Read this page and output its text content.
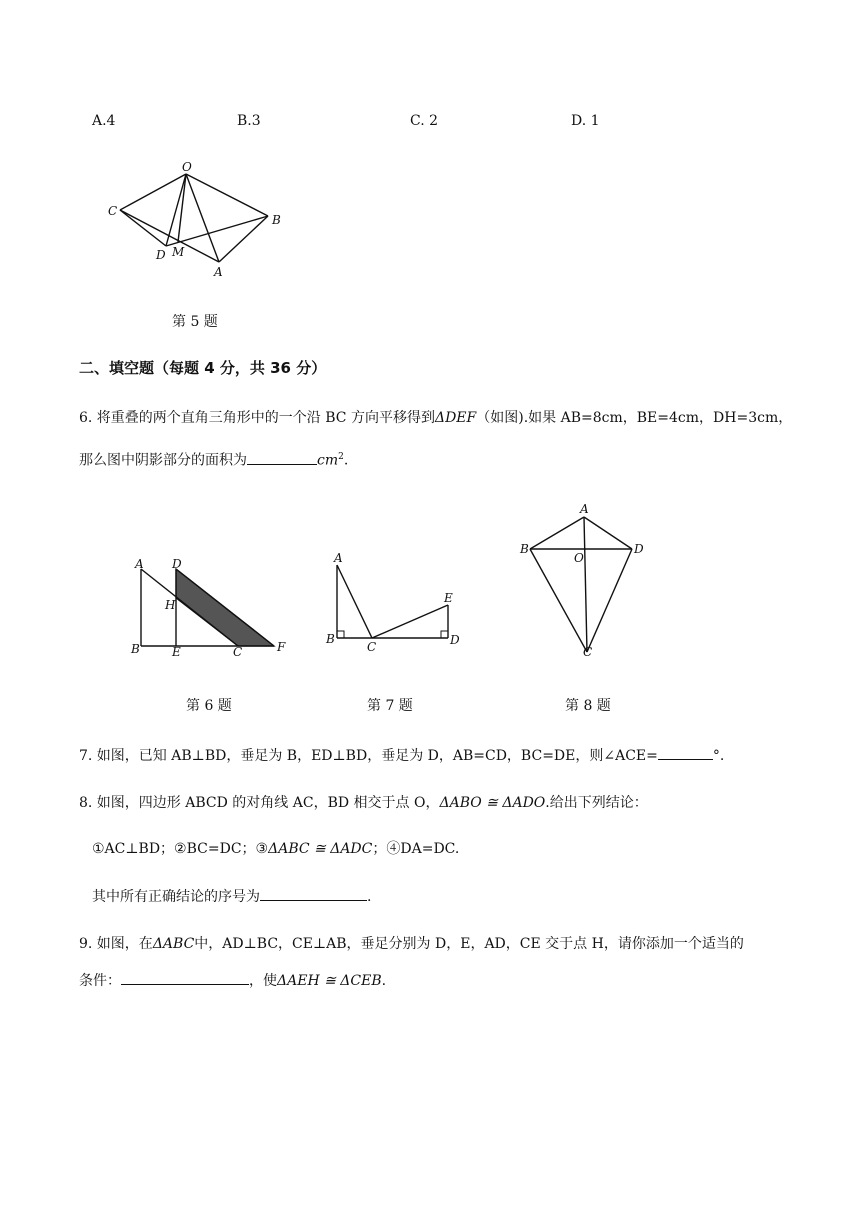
A.4	B.3	C. 2	D. 1
O
C
B
D M
A
第 5 题
二、填空题（每题 4 分，共 36 分）
6. 将重叠的两个直角三角形中的一个沿 BC 方向平移得到ΔDEF（如图).如果 AB=8cm，BE=4cm，DH=3cm，
那么图中阴影部分的面积为	$cm^2$.
A D
H
B	E	C	F
第 6 题
A
E
B
C	D
第 7 题
A
B
O
D
C
第 8 题
7. 如图，已知 AB⊥BD，垂足为 B，ED⊥BD，垂足为 D，AB=CD，BC=DE，则∠ACE=	°.
8. 如图，四边形 ABCD 的对角线 AC，BD 相交于点 O，ΔABO ≅ ΔADO.给出下列结论：
①AC⊥BD；②BC=DC；③ΔABC ≅ ΔADC；④DA=DC.
其中所有正确结论的序号为	.
9. 如图，在ΔABC中，AD⊥BC，CE⊥AB，垂足分别为 D，E，AD，CE 交于点 H，请你添加一个适当的
条件：	，使ΔAEH ≅ ΔCEB.
